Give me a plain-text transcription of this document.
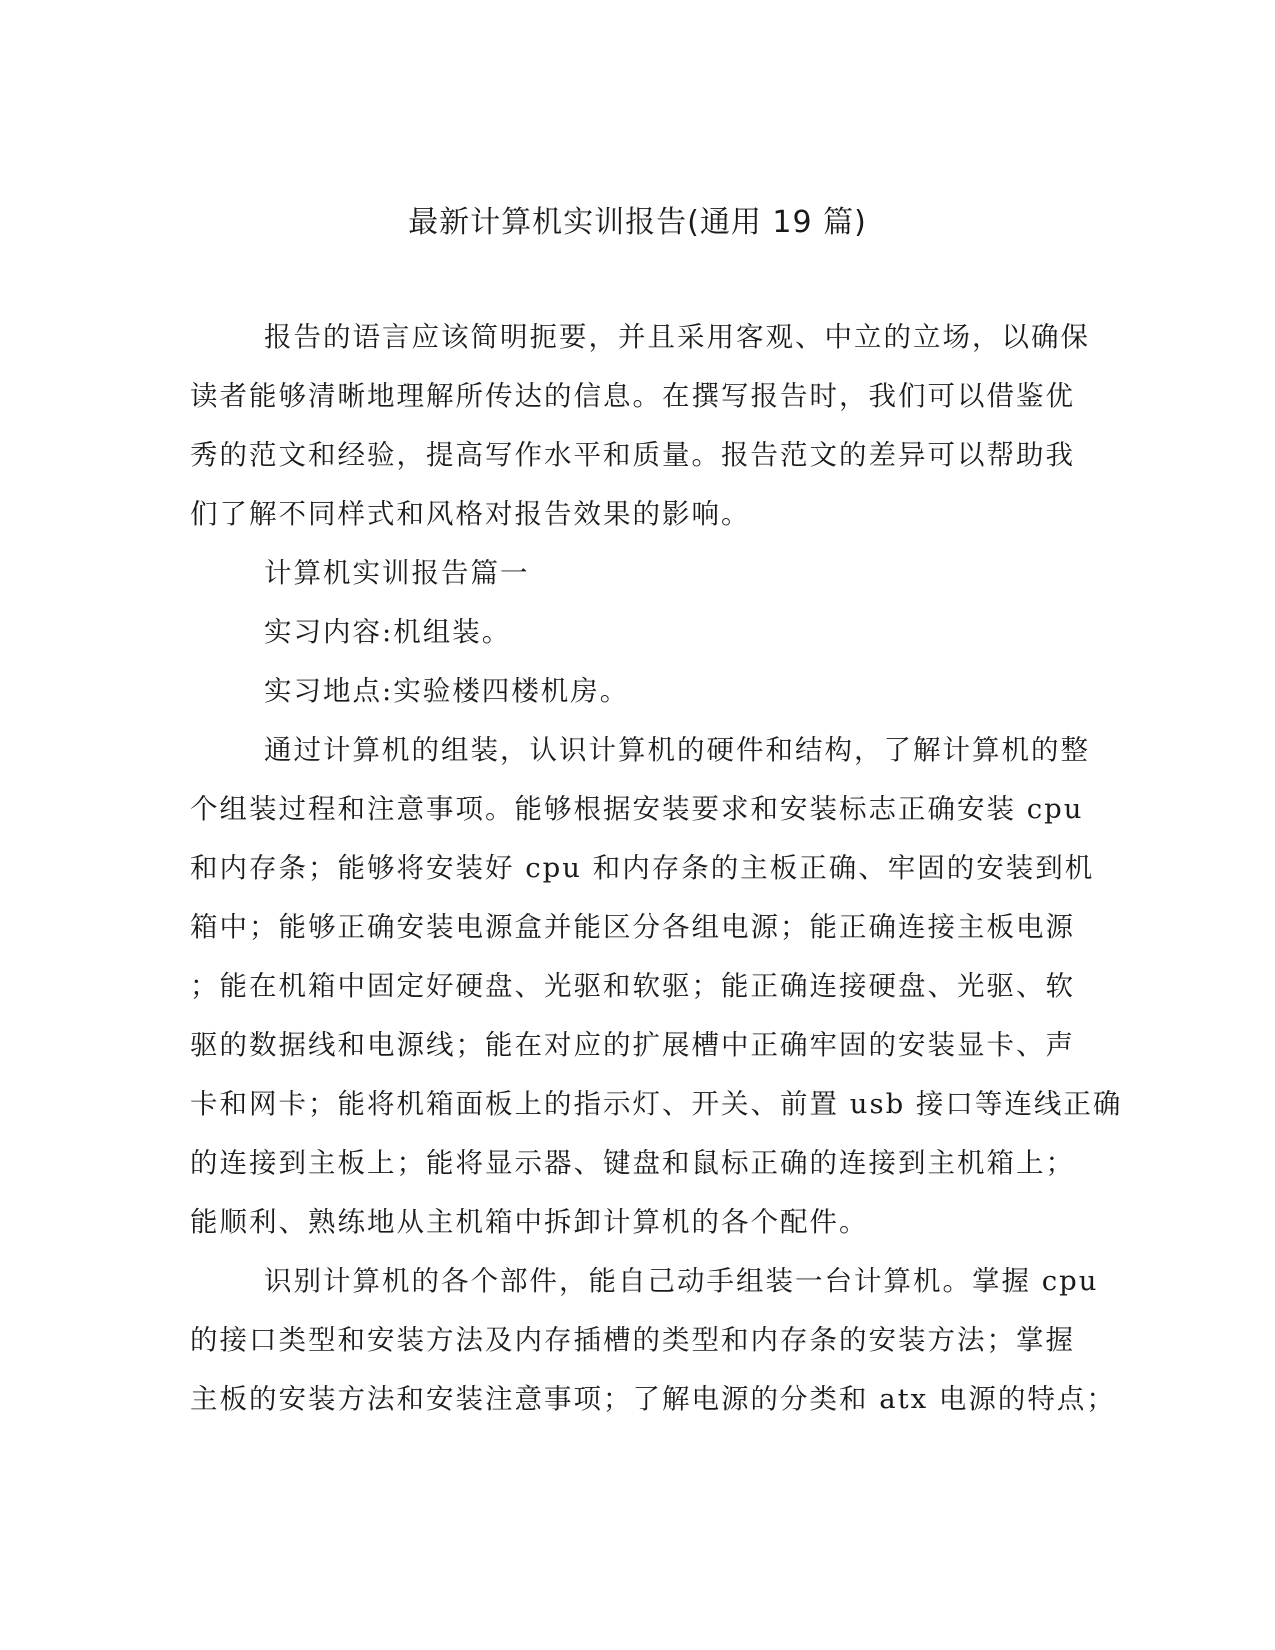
最新计算机实训报告(通用 19 篇)

报告的语言应该简明扼要，并且采用客观、中立的立场，以确保

读者能够清晰地理解所传达的信息。在撰写报告时，我们可以借鉴优

秀的范文和经验，提高写作水平和质量。报告范文的差异可以帮助我

们了解不同样式和风格对报告效果的影响。

计算机实训报告篇一

实习内容:机组装。

实习地点:实验楼四楼机房。

通过计算机的组装，认识计算机的硬件和结构，了解计算机的整

个组装过程和注意事项。能够根据安装要求和安装标志正确安装 cpu

和内存条；能够将安装好 cpu 和内存条的主板正确、牢固的安装到机

箱中；能够正确安装电源盒并能区分各组电源；能正确连接主板电源

；能在机箱中固定好硬盘、光驱和软驱；能正确连接硬盘、光驱、软

驱的数据线和电源线；能在对应的扩展槽中正确牢固的安装显卡、声

卡和网卡；能将机箱面板上的指示灯、开关、前置 usb 接口等连线正确

的连接到主板上；能将显示器、键盘和鼠标正确的连接到主机箱上；

能顺利、熟练地从主机箱中拆卸计算机的各个配件。

识别计算机的各个部件，能自己动手组装一台计算机。掌握 cpu

的接口类型和安装方法及内存插槽的类型和内存条的安装方法；掌握

主板的安装方法和安装注意事项；了解电源的分类和 atx 电源的特点；
